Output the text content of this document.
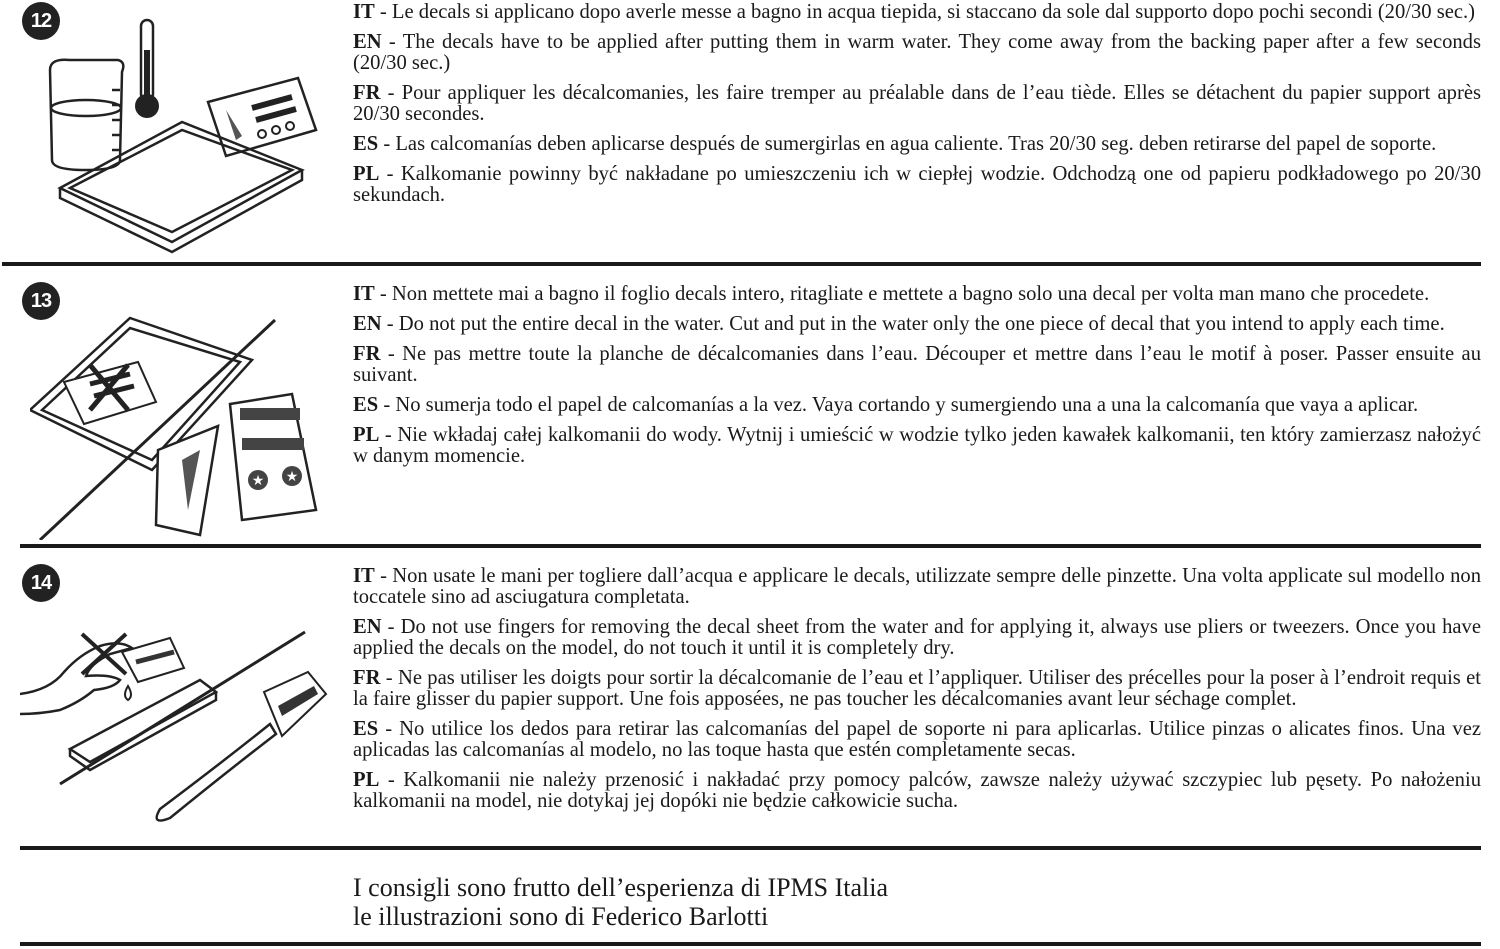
12	IT - Le decals si applicano dopo averle messe a bagno in acqua tiepida, si staccano da sole dal supporto dopo pochi secondi (20/30 sec.)

EN - The decals have to be applied after putting them in warm water. They come away from the backing paper after a few seconds (20/30 sec.)

FR - Pour appliquer les décalcomanies, les faire tremper au préalable dans de l’eau tiède. Elles se détachent du papier support après 20/30 secondes.

ES - Las calcomanías deben aplicarse después de sumergirlas en agua caliente. Tras 20/30 seg. deben retirarse del papel de soporte.

PL - Kalkomanie powinny być nakładane po umieszczeniu ich w ciepłej wodzie. Odchodzą one od papieru podkładowego po 20/30 sekundach.

13
★ ★

IT - Non mettete mai a bagno il foglio decals intero, ritagliate e mettete a bagno solo una decal per volta man mano che procedete.

EN - Do not put the entire decal in the water. Cut and put in the water only the one piece of decal that you intend to apply each time.

FR - Ne pas mettre toute la planche de décalcomanies dans l’eau. Découper et mettre dans l’eau le motif à poser. Passer ensuite au suivant.

ES - No sumerja todo el papel de calcomanías a la vez. Vaya cortando y sumergiendo una a una la calcomanía que vaya a aplicar.

PL - Nie wkładaj całej kalkomanii do wody. Wytnij i umieścić w wodzie tylko jeden kawałek kalkomanii, ten który zamierzasz nałożyć w danym momencie.

14	IT - Non usate le mani per togliere dall’acqua e applicare le decals, utilizzate sempre delle pinzette. Una volta applicate sul modello non toccatele sino ad asciugatura completata.

EN - Do not use fingers for removing the decal sheet from the water and for applying it, always use pliers or tweezers. Once you have applied the decals on the model, do not touch it until it is completely dry.

FR - Ne pas utiliser les doigts pour sortir la décalcomanie de l’eau et l’appliquer. Utiliser des précelles pour la poser à l’endroit requis et la faire glisser du papier support. Une fois apposées, ne pas toucher les décalcomanies avant leur séchage complet.

ES - No utilice los dedos para retirar las calcomanías del papel de soporte ni para aplicarlas. Utilice pinzas o alicates finos. Una vez aplicadas las calcomanías al modelo, no las toque hasta que estén completamente secas.

PL - Kalkomanii nie należy przenosić i nakładać przy pomocy palców, zawsze należy używać szczypiec lub pęsety. Po nałożeniu kalkomanii na model, nie dotykaj jej dopóki nie będzie całkowicie sucha.

I consigli sono frutto dell’esperienza di IPMS Italia
le illustrazioni sono di Federico Barlotti
